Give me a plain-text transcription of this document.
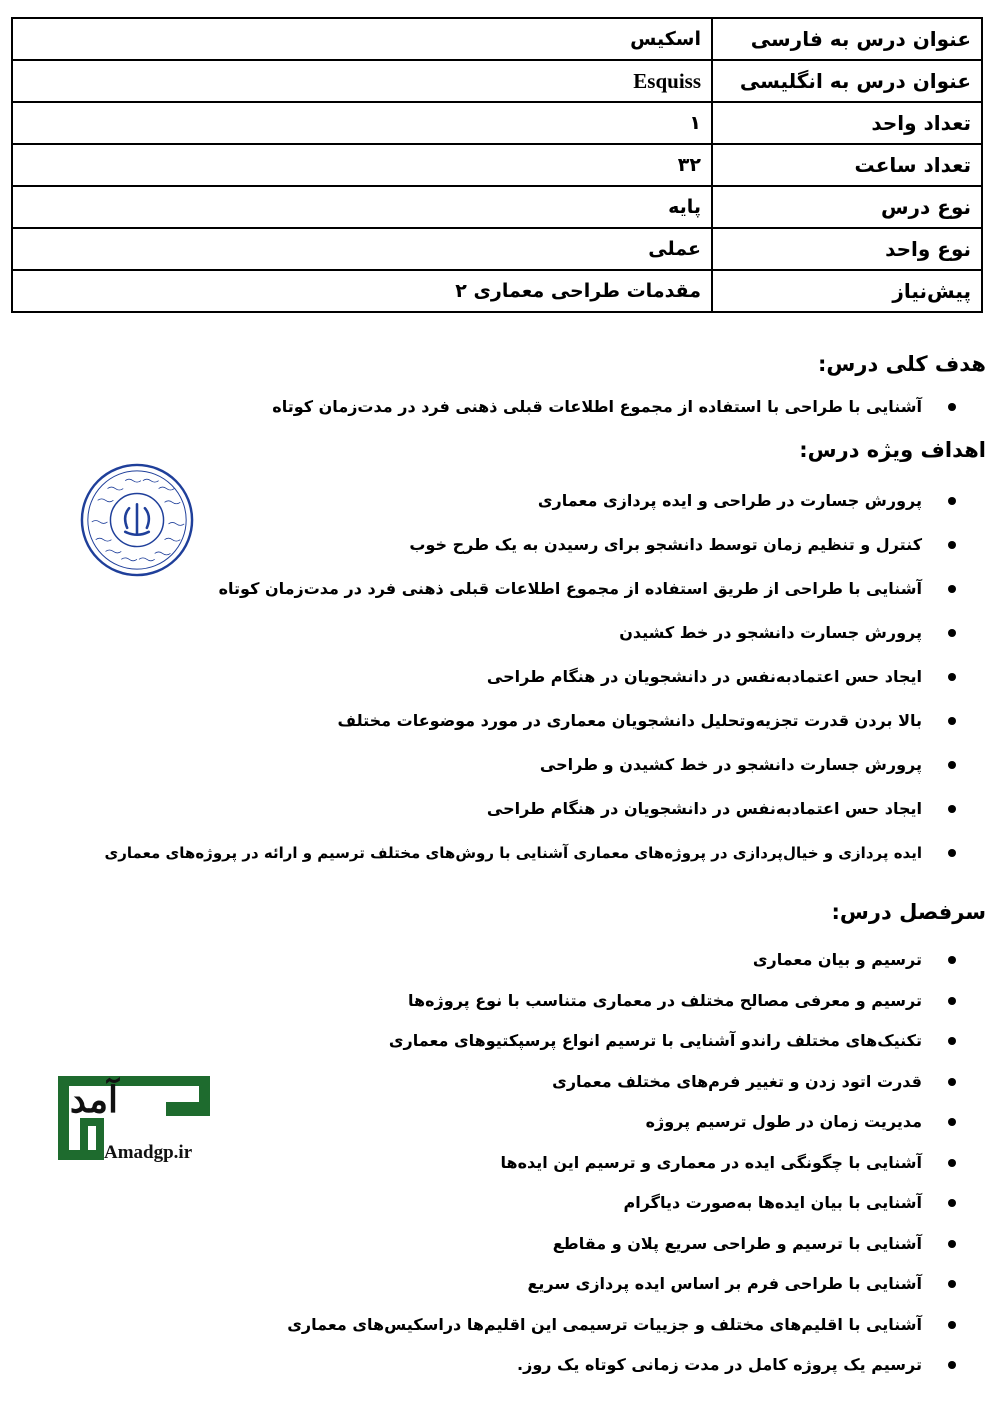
عنوان درس به فارسی	اسکیس
عنوان درس به انگلیسی	Esquiss
تعداد واحد	۱
تعداد ساعت	۳۲
نوع درس	پایه
نوع واحد	عملی
پیش‌نیاز	مقدمات طراحی معماری ۲
هدف کلی درس:
آشنایی با طراحی با استفاده از مجموع اطلاعات قبلی ذهنی فرد در مدت‌زمان کوتاه
اهداف ویژه درس:
پرورش جسارت در طراحی و ایده پردازی معماری
کنترل و تنظیم زمان توسط دانشجو برای رسیدن به یک طرح خوب
آشنایی با طراحی از طریق استفاده از مجموع اطلاعات قبلی ذهنی فرد در مدت‌زمان کوتاه
پرورش جسارت دانشجو در خط کشیدن
ایجاد حس اعتمادبه‌نفس در دانشجویان در هنگام طراحی
بالا بردن قدرت تجزیه‌وتحلیل دانشجویان معماری در مورد موضوعات مختلف
پرورش جسارت دانشجو در خط کشیدن و طراحی
ایجاد حس اعتمادبه‌نفس در دانشجویان در هنگام طراحی
ایده پردازی و خیال‌پردازی در پروژه‌های معماری آشنایی با روش‌های مختلف ترسیم و ارائه در پروژه‌های معماری
سرفصل درس:
ترسیم و بیان معماری
ترسیم و معرفی مصالح مختلف در معماری متناسب با نوع پروژه‌ها
تکنیک‌های مختلف راندو آشنایی با ترسیم انواع پرسپکتیوهای معماری
قدرت اتود زدن و تغییر فرم‌های مختلف معماری
مدیریت زمان در طول ترسیم پروژه
آشنایی با چگونگی ایده در معماری و ترسیم این ایده‌ها
آشنایی با بیان ایده‌ها به‌صورت دیاگرام
آشنایی با ترسیم و طراحی سریع پلان و مقاطع
آشنایی با طراحی فرم بر اساس ایده پردازی سریع
آشنایی با اقلیم‌های مختلف و جزییات ترسیمی این اقلیم‌ها دراسکیس‌های معماری
ترسیم یک پروژه کامل در مدت زمانی کوتاه یک روز.
آمد
Amadgp.ir
